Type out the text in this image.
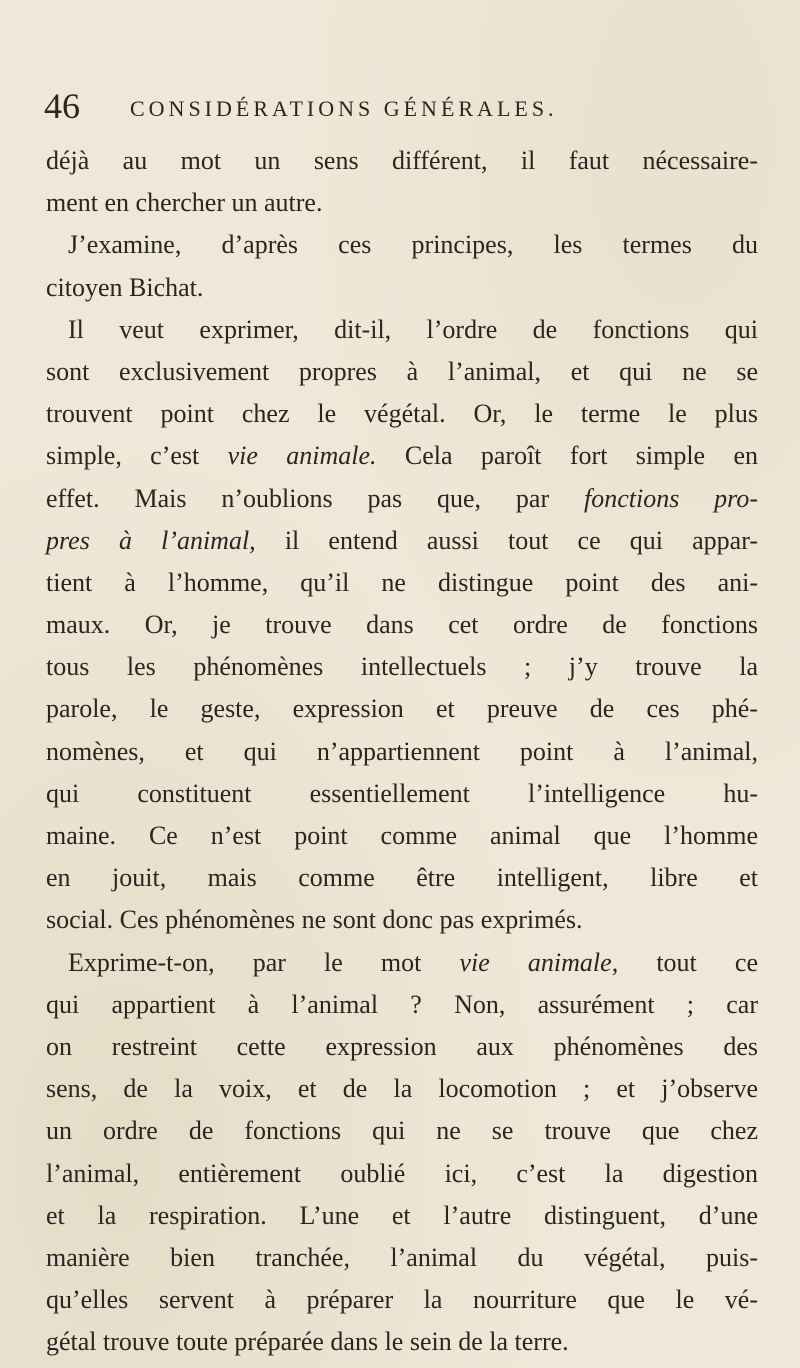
46 CONSIDÉRATIONS GÉNÉRALES.
déjà au mot un sens différent, il faut nécessaire-
ment en chercher un autre.
J’examine, d’après ces principes, les termes du
citoyen Bichat.
Il veut exprimer, dit-il, l’ordre de fonctions qui
sont exclusivement propres à l’animal, et qui ne se
trouvent point chez le végétal. Or, le terme le plus
simple, c’est vie animale. Cela paroît fort simple en
effet. Mais n’oublions pas que, par fonctions pro-
pres à l’animal, il entend aussi tout ce qui appar-
tient à l’homme, qu’il ne distingue point des ani-
maux. Or, je trouve dans cet ordre de fonctions
tous les phénomènes intellectuels ; j’y trouve la
parole, le geste, expression et preuve de ces phé-
nomènes, et qui n’appartiennent point à l’animal,
qui constituent essentiellement l’intelligence hu-
maine. Ce n’est point comme animal que l’homme
en jouit, mais comme être intelligent, libre et
social. Ces phénomènes ne sont donc pas exprimés.
Exprime-t-on, par le mot vie animale, tout ce
qui appartient à l’animal ? Non, assurément ; car
on restreint cette expression aux phénomènes des
sens, de la voix, et de la locomotion ; et j’observe
un ordre de fonctions qui ne se trouve que chez
l’animal, entièrement oublié ici, c’est la digestion
et la respiration. L’une et l’autre distinguent, d’une
manière bien tranchée, l’animal du végétal, puis-
qu’elles servent à préparer la nourriture que le vé-
gétal trouve toute préparée dans le sein de la terre.
